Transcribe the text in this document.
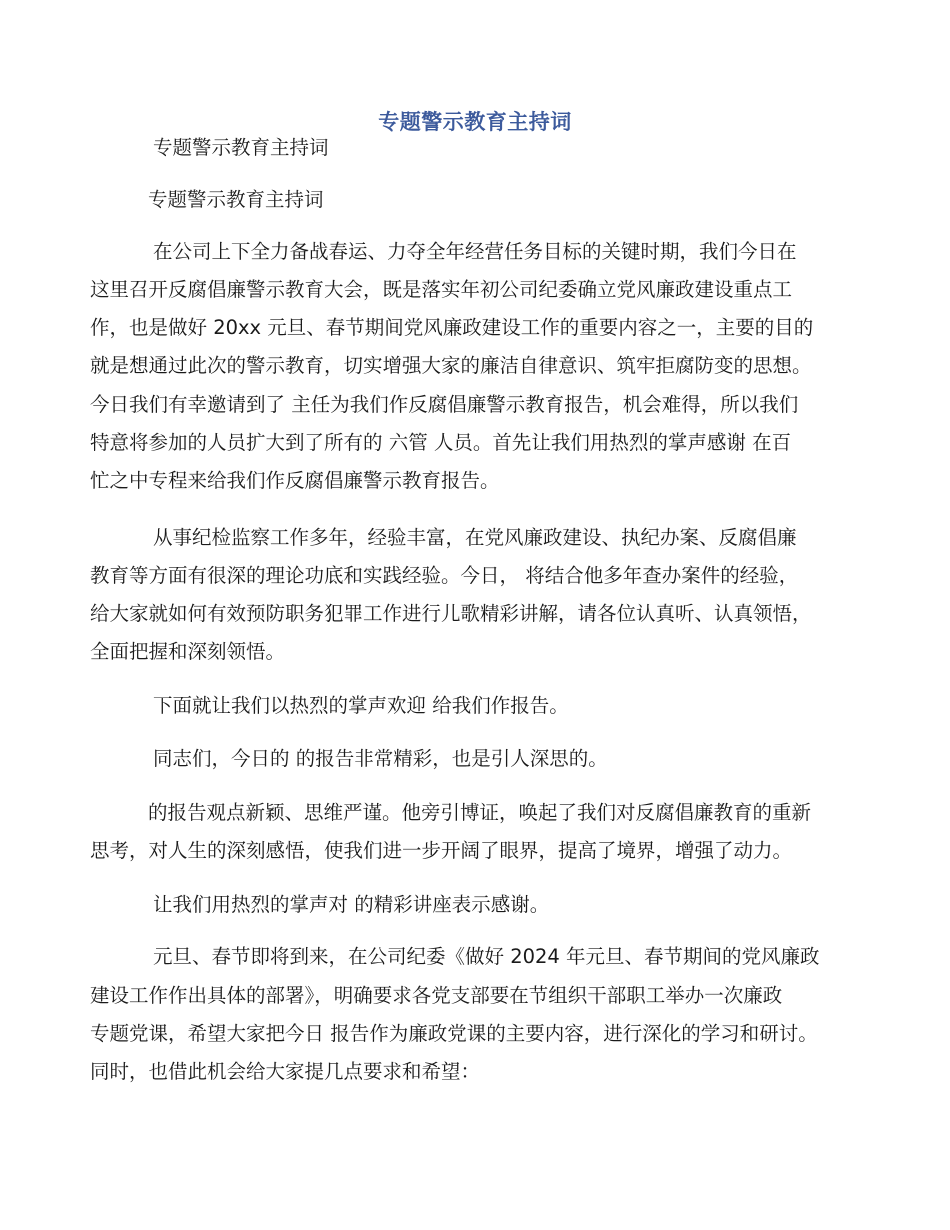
专题警示教育主持词
专题警示教育主持词
专题警示教育主持词
在公司上下全力备战春运、力夺全年经营任务目标的关键时期，我们今日在
这里召开反腐倡廉警示教育大会，既是落实年初公司纪委确立党风廉政建设重点工
作，也是做好 20xx 元旦、春节期间党风廉政建设工作的重要内容之一，主要的目的
就是想通过此次的警示教育，切实增强大家的廉洁自律意识、筑牢拒腐防变的思想。
今日我们有幸邀请到了 主任为我们作反腐倡廉警示教育报告，机会难得，所以我们
特意将参加的人员扩大到了所有的 六管 人员。首先让我们用热烈的掌声感谢 在百
忙之中专程来给我们作反腐倡廉警示教育报告。
从事纪检监察工作多年，经验丰富，在党风廉政建设、执纪办案、反腐倡廉
教育等方面有很深的理论功底和实践经验。今日， 将结合他多年查办案件的经验，
给大家就如何有效预防职务犯罪工作进行儿歌精彩讲解，请各位认真听、认真领悟，
全面把握和深刻领悟。
下面就让我们以热烈的掌声欢迎 给我们作报告。
同志们，今日的 的报告非常精彩，也是引人深思的。
的报告观点新颖、思维严谨。他旁引博证，唤起了我们对反腐倡廉教育的重新
思考，对人生的深刻感悟，使我们进一步开阔了眼界，提高了境界，增强了动力。
让我们用热烈的掌声对 的精彩讲座表示感谢。
元旦、春节即将到来，在公司纪委《做好 2024 年元旦、春节期间的党风廉政
建设工作作出具体的部署》，明确要求各党支部要在节组织干部职工举办一次廉政
专题党课，希望大家把今日 报告作为廉政党课的主要内容，进行深化的学习和研讨。
同时，也借此机会给大家提几点要求和希望：
